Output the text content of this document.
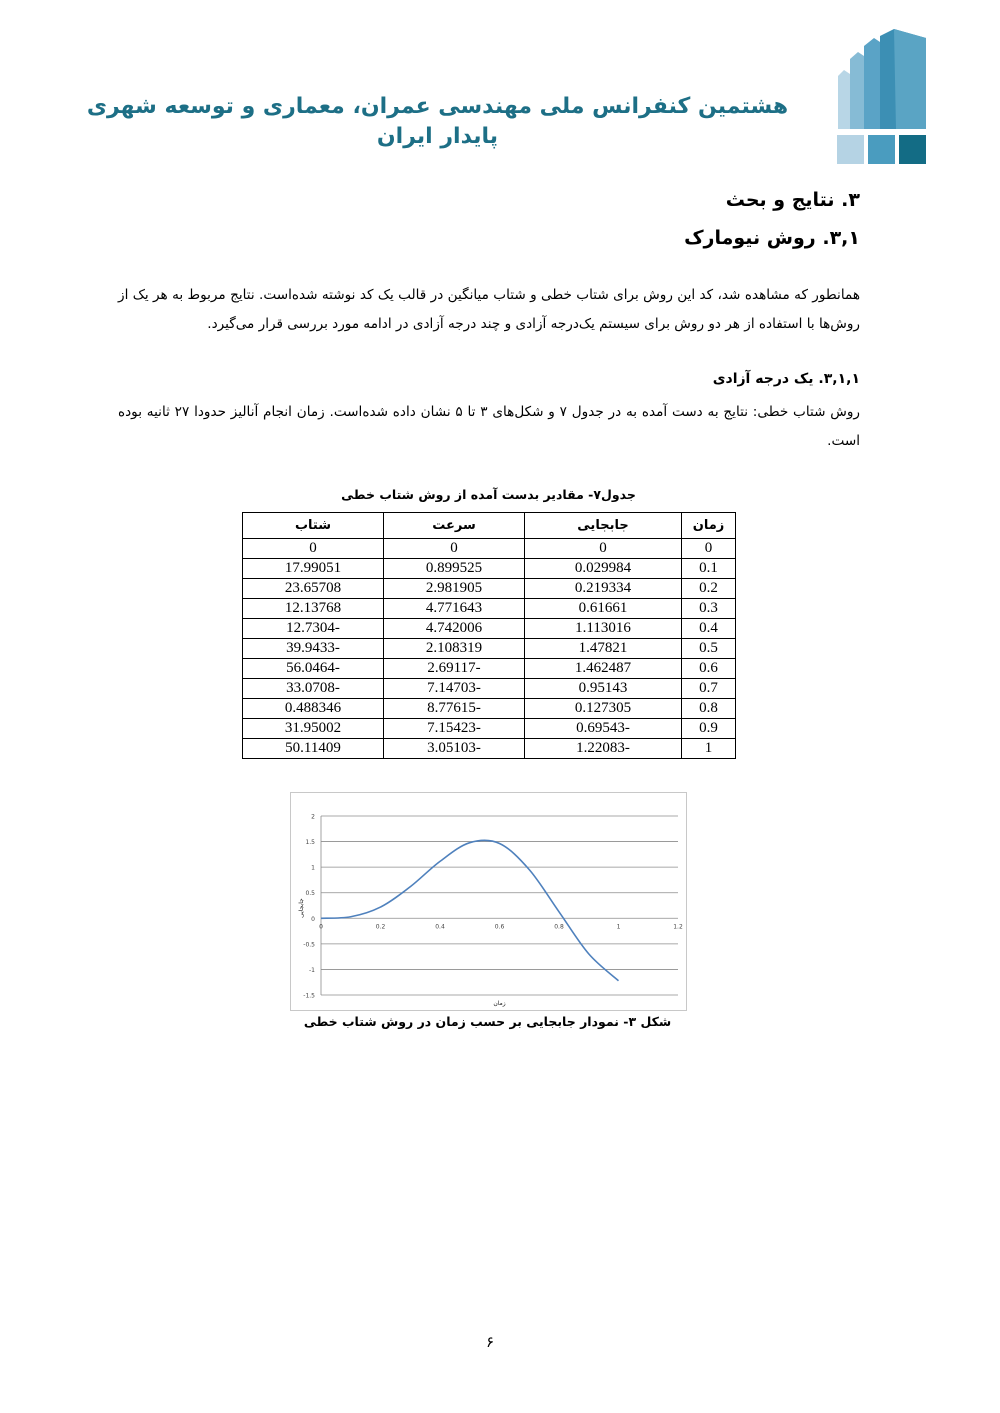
هشتمین کنفرانس ملی مهندسی عمران، معماری و توسعه شهری پایدار ایران
۳. نتایج و بحث
۳,۱. روش نیومارک
همانطور که مشاهده شد، کد این روش برای شتاب خطی و شتاب میانگین در قالب یک کد نوشته شده‌است. نتایج مربوط به هر یک از روش‌ها با استفاده از هر دو روش برای سیستم یک‌درجه آزادی و چند درجه آزادی در ادامه مورد بررسی قرار می‌گیرد.
۳,۱,۱. یک درجه آزادی
روش شتاب خطی: نتایج به دست آمده به در جدول ۷ و شکل‌های ۳ تا ۵ نشان داده شده‌است. زمان انجام آنالیز حدودا ۲۷ ثانیه بوده است.
جدول۷- مقادیر بدست آمده از روش شتاب خطی
زمان	جابجایی	سرعت	شتاب
0	0	0	0
0.1	0.029984	0.899525	17.99051
0.2	0.219334	2.981905	23.65708
0.3	0.61661	4.771643	12.13768
0.4	1.113016	4.742006	-12.7304
0.5	1.47821	2.108319	-39.9433
0.6	1.462487	-2.69117	-56.0464
0.7	0.95143	-7.14703	-33.0708
0.8	0.127305	-8.77615	0.488346
0.9	-0.69543	-7.15423	31.95002
1	-1.22083	-3.05103	50.11409
2
1.5
1
0.5
0
-0.5
-1
-1.5
0	0.2	0.4	0.6	0.8	1	1.2
زمان
جابجایی
شکل ۳- نمودار جابجایی بر حسب زمان در روش شتاب خطی
۶
